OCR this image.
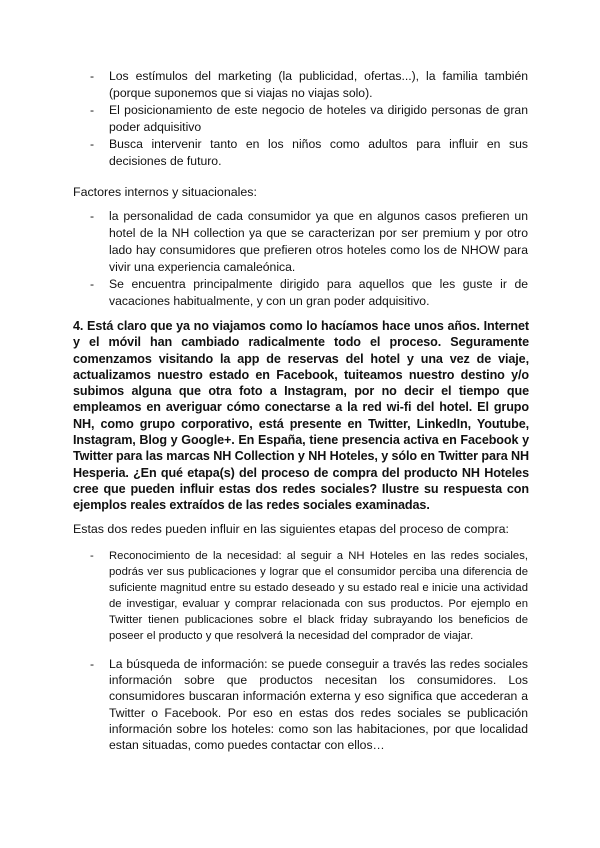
- Los estímulos del marketing (la publicidad, ofertas...), la familia también (porque suponemos que si viajas no viajas solo).
- El posicionamiento de este negocio de hoteles va dirigido personas de gran poder adquisitivo
- Busca intervenir tanto en los niños como adultos para influir en sus decisiones de futuro.
Factores internos y situacionales:
- la personalidad de cada consumidor ya que en algunos casos prefieren un hotel de la NH collection ya que se caracterizan por ser premium y por otro lado hay consumidores que prefieren otros hoteles como los de NHOW para vivir una experiencia camaleónica.
- Se encuentra principalmente dirigido para aquellos que les guste ir de vacaciones habitualmente, y con un gran poder adquisitivo.

4. Está claro que ya no viajamos como lo hacíamos hace unos años. Internet y el móvil han cambiado radicalmente todo el proceso. Seguramente comenzamos visitando la app de reservas del hotel y una vez de viaje, actualizamos nuestro estado en Facebook, tuiteamos nuestro destino y/o subimos alguna que otra foto a Instagram, por no decir el tiempo que empleamos en averiguar cómo conectarse a la red wi-fi del hotel. El grupo NH, como grupo corporativo, está presente en Twitter, LinkedIn, Youtube, Instagram, Blog y Google+. En España, tiene presencia activa en Facebook y Twitter para las marcas NH Collection y NH Hoteles, y sólo en Twitter para NH Hesperia. ¿En qué etapa(s) del proceso de compra del producto NH Hoteles cree que pueden influir estas dos redes sociales? Ilustre su respuesta con ejemplos reales extraídos de las redes sociales examinadas.

Estas dos redes pueden influir en las siguientes etapas del proceso de compra:
- Reconocimiento de la necesidad: al seguir a NH Hoteles en las redes sociales, podrás ver sus publicaciones y lograr que el consumidor perciba una diferencia de suficiente magnitud entre su estado deseado y su estado real e inicie una actividad de investigar, evaluar y comprar relacionada con sus productos. Por ejemplo en Twitter tienen publicaciones sobre el black friday subrayando los beneficios de poseer el producto y que resolverá la necesidad del comprador de viajar.
- La búsqueda de información: se puede conseguir a través las redes sociales información sobre que productos necesitan los consumidores. Los consumidores buscaran información externa y eso significa que accederan a Twitter o Facebook. Por eso en estas dos redes sociales se publicación información sobre los hoteles: como son las habitaciones, por que localidad estan situadas, como puedes contactar con ellos…
